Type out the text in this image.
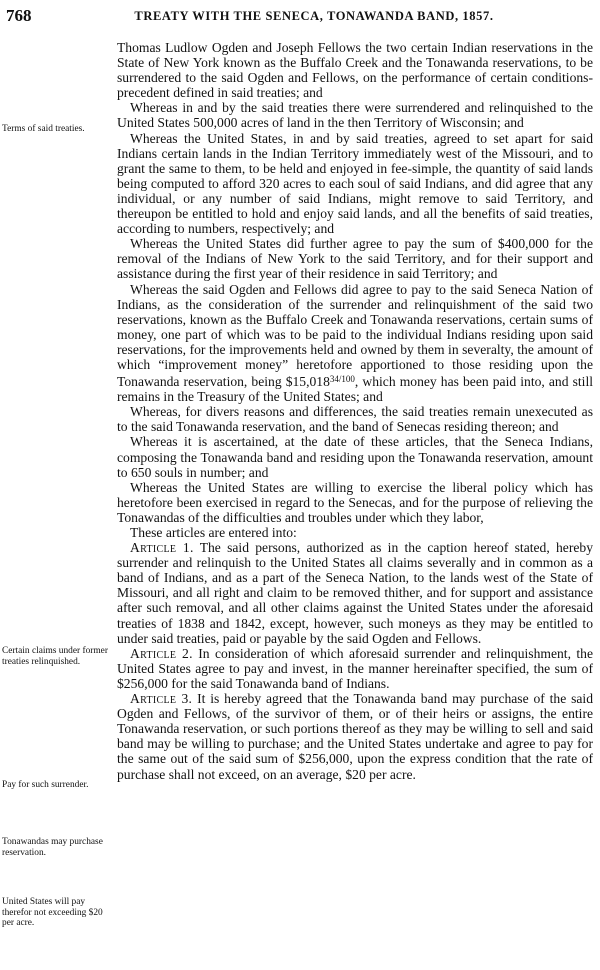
768	TREATY WITH THE SENECA, TONAWANDA BAND, 1857.
Terms of said treaties.
Certain claims under former treaties relinquished.
Pay for such surrender.
Tonawandas may purchase reservation.
United States will pay therefor not exceeding $20 per acre.

Thomas Ludlow Ogden and Joseph Fellows the two certain Indian reservations in the State of New York known as the Buffalo Creek and the Tonawanda reservations, to be surrendered to the said Ogden and Fellows, on the performance of certain conditions-precedent defined in said treaties; and

Whereas in and by the said treaties there were surrendered and relinquished to the United States 500,000 acres of land in the then Territory of Wisconsin; and

Whereas the United States, in and by said treaties, agreed to set apart for said Indians certain lands in the Indian Territory immediately west of the Missouri, and to grant the same to them, to be held and enjoyed in fee-simple, the quantity of said lands being computed to afford 320 acres to each soul of said Indians, and did agree that any individual, or any number of said Indians, might remove to said Territory, and thereupon be entitled to hold and enjoy said lands, and all the benefits of said treaties, according to numbers, respectively; and

Whereas the United States did further agree to pay the sum of $400,000 for the removal of the Indians of New York to the said Territory, and for their support and assistance during the first year of their residence in said Territory; and

Whereas the said Ogden and Fellows did agree to pay to the said Seneca Nation of Indians, as the consideration of the surrender and relinquishment of the said two reservations, known as the Buffalo Creek and Tonawanda reservations, certain sums of money, one part of which was to be paid to the individual Indians residing upon said reservations, for the improvements held and owned by them in severalty, the amount of which “improvement money” heretofore apportioned to those residing upon the Tonawanda reservation, being $\$15,018^{34/100}$, which money has been paid into, and still remains in the Treasury of the United States; and

Whereas, for divers reasons and differences, the said treaties remain unexecuted as to the said Tonawanda reservation, and the band of Senecas residing thereon; and

Whereas it is ascertained, at the date of these articles, that the Seneca Indians, composing the Tonawanda band and residing upon the Tonawanda reservation, amount to 650 souls in number; and

Whereas the United States are willing to exercise the liberal policy which has heretofore been exercised in regard to the Senecas, and for the purpose of relieving the Tonawandas of the difficulties and troubles under which they labor,

These articles are entered into:

Article 1. The said persons, authorized as in the caption hereof stated, hereby surrender and relinquish to the United States all claims severally and in common as a band of Indians, and as a part of the Seneca Nation, to the lands west of the State of Missouri, and all right and claim to be removed thither, and for support and assistance after such removal, and all other claims against the United States under the aforesaid treaties of 1838 and 1842, except, however, such moneys as they may be entitled to under said treaties, paid or payable by the said Ogden and Fellows.

Article 2. In consideration of which aforesaid surrender and relinquishment, the United States agree to pay and invest, in the manner hereinafter specified, the sum of $256,000 for the said Tonawanda band of Indians.

Article 3. It is hereby agreed that the Tonawanda band may purchase of the said Ogden and Fellows, of the survivor of them, or of their heirs or assigns, the entire Tonawanda reservation, or such portions thereof as they may be willing to sell and said band may be willing to purchase; and the United States undertake and agree to pay for the same out of the said sum of $256,000, upon the express condition that the rate of purchase shall not exceed, on an average, $20 per acre.
